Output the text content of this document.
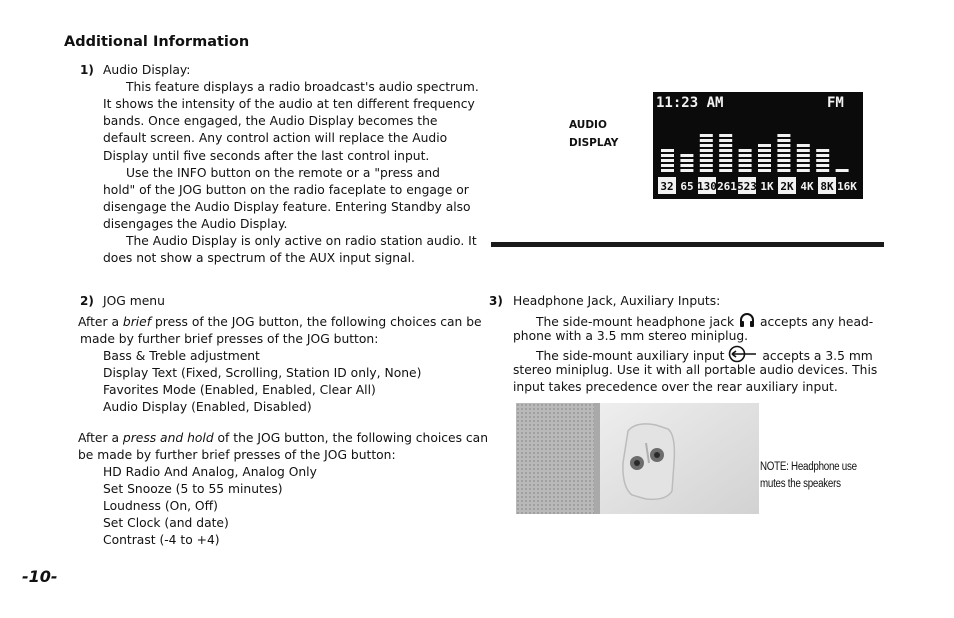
Additional Information
1) Audio Display:
This feature displays a radio broadcast's audio spectrum.
It shows the intensity of the audio at ten different frequency
bands. Once engaged, the Audio Display becomes the
default screen. Any control action will replace the Audio
Display until five seconds after the last control input.
Use the INFO button on the remote or a "press and
hold" of the JOG button on the radio faceplate to engage or
disengage the Audio Display feature. Entering Standby also
disengages the Audio Display.
The Audio Display is only active on radio station audio. It
does not show a spectrum of the AUX input signal.
2) JOG menu
After a brief press of the JOG button, the following choices can be
made by further brief presses of the JOG button:
Bass & Treble adjustment
Display Text (Fixed, Scrolling, Station ID only, None)
Favorites Mode (Enabled, Enabled, Clear All)
Audio Display (Enabled, Disabled)
After a press and hold of the JOG button, the following choices can
be made by further brief presses of the JOG button:
HD Radio And Analog, Analog Only
Set Snooze (5 to 55 minutes)
Loudness (On, Off)
Set Clock (and date)
Contrast (-4 to +4)
-10-
AUDIO
DISPLAY
11:23 AM	FM
32 65 130 261 523 1K 2K 4K 8K 16K
3) Headphone Jack, Auxiliary Inputs:
The side-mount headphone jack accepts any head-
phone with a 3.5 mm stereo miniplug.
The side-mount auxiliary input	accepts a 3.5 mm
stereo miniplug. Use it with all portable audio devices. This
input takes precedence over the rear auxiliary input.
NOTE: Headphone use
mutes the speakers
